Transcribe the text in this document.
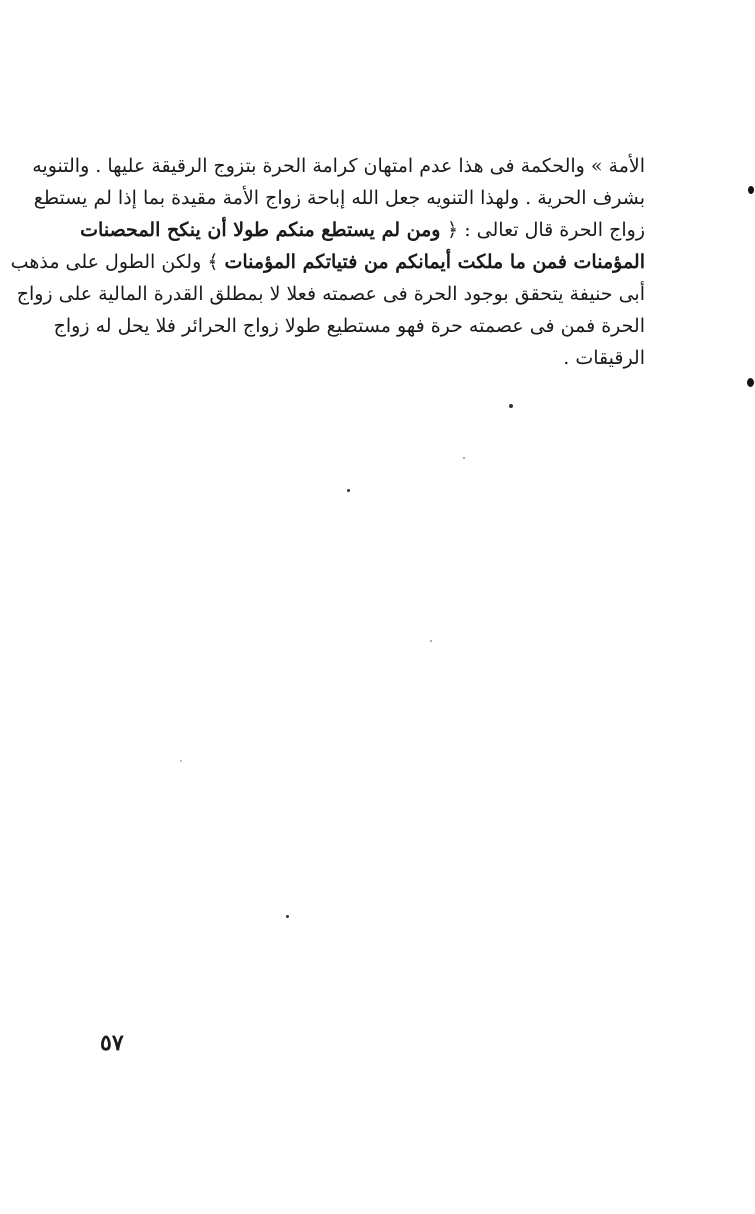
الأمة » والحكمة فى هذا عدم امتهان كرامة الحرة بتزوج الرقيقة عليها . والتنويه
بشرف الحرية . ولهذا التنويه جعل الله إباحة زواج الأمة مقيدة بما إذا لم يستطع
زواج الحرة قال تعالى : ﴿ ومن لم يستطع منكم طولا أن ينكح المحصنات
المؤمنات فمن ما ملكت أيمانكم من فتياتكم المؤمنات ﴾ ولكن الطول على مذهب
أبى حنيفة يتحقق بوجود الحرة فى عصمته فعلا لا بمطلق القدرة المالية على زواج
الحرة فمن فى عصمته حرة فهو مستطيع طولا زواج الحرائر فلا يحل له زواج
الرقيقات .
٥٧
